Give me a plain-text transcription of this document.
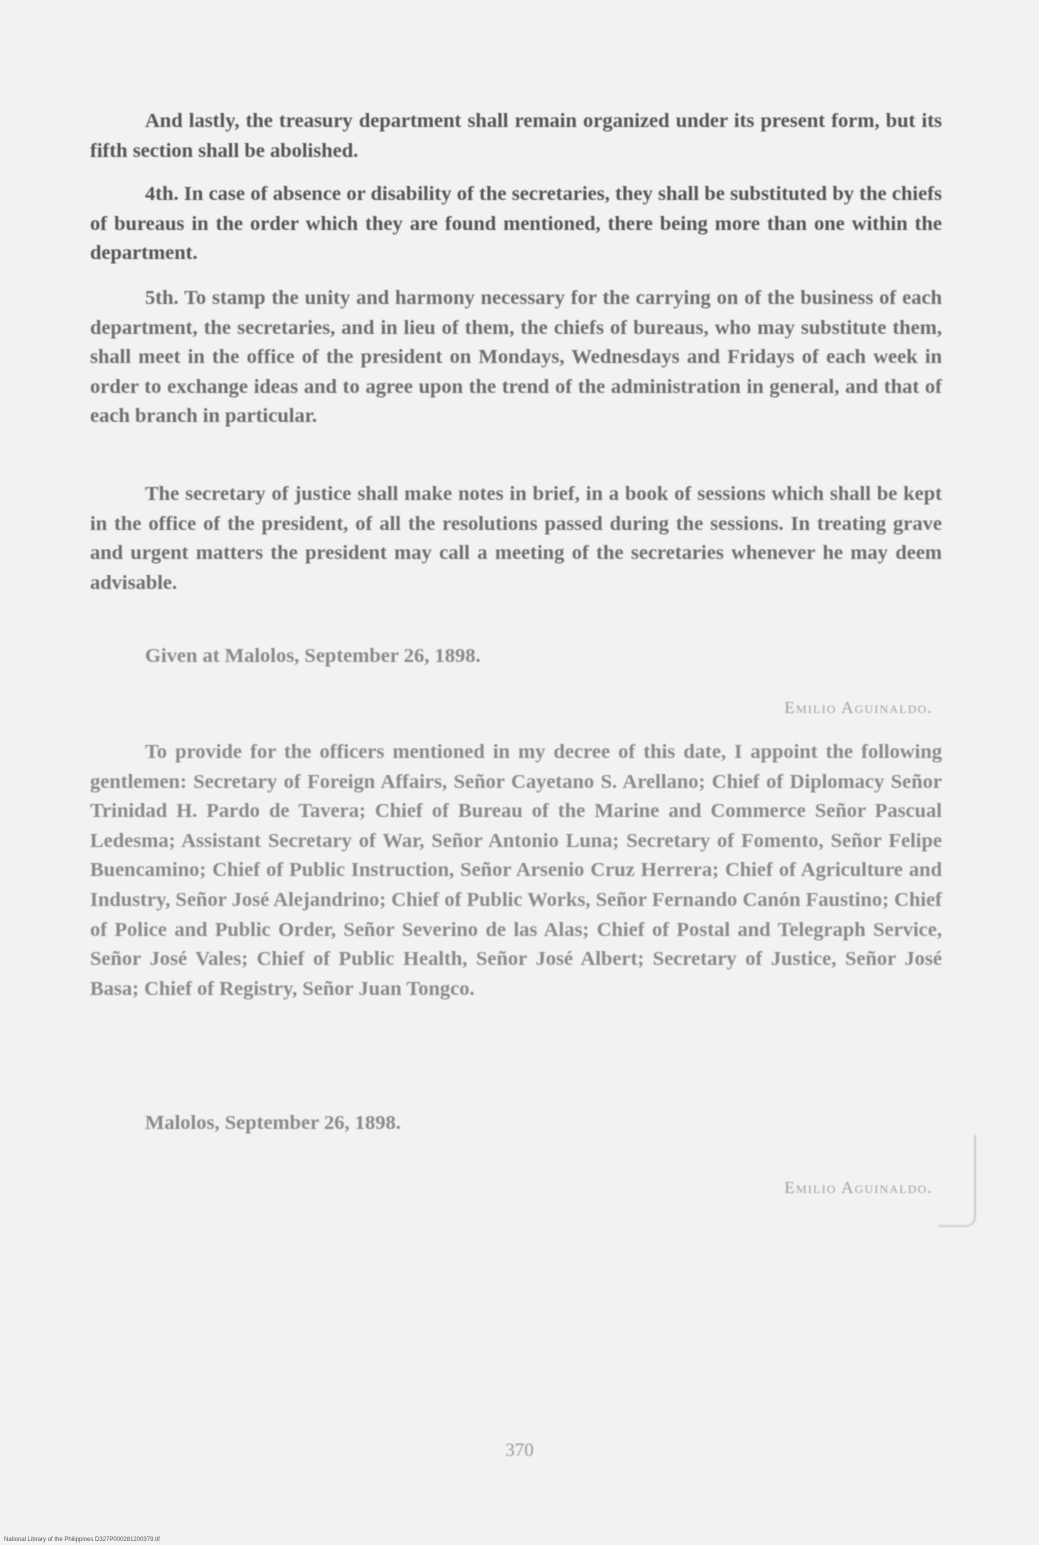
And lastly, the treasury department shall remain organized under its present form, but its fifth section shall be abolished.

4th. In case of absence or disability of the secretaries, they shall be substituted by the chiefs of bureaus in the order which they are found mentioned, there being more than one within the department.

5th. To stamp the unity and harmony necessary for the carrying on of the business of each department, the secretaries, and in lieu of them, the chiefs of bureaus, who may substitute them, shall meet in the office of the president on Mondays, Wednesdays and Fridays of each week in order to exchange ideas and to agree upon the trend of the administration in general, and that of each branch in particular.

The secretary of justice shall make notes in brief, in a book of sessions which shall be kept in the office of the president, of all the resolutions passed during the sessions. In treating grave and urgent matters the president may call a meeting of the secretaries whenever he may deem advisable.

Given at Malolos, September 26, 1898.

Emilio Aguinaldo.

To provide for the officers mentioned in my decree of this date, I appoint the following gentlemen: Secretary of Foreign Affairs, Señor Cayetano S. Arellano; Chief of Diplomacy Señor Trinidad H. Pardo de Tavera; Chief of Bureau of the Marine and Commerce Señor Pascual Ledesma; Assistant Secretary of War, Señor Antonio Luna; Secretary of Fomento, Señor Felipe Buencamino; Chief of Public Instruction, Señor Arsenio Cruz Herrera; Chief of Agriculture and Industry, Señor José Alejandrino; Chief of Public Works, Señor Fernando Canón Faustino; Chief of Police and Public Order, Señor Severino de las Alas; Chief of Postal and Telegraph Service, Señor José Vales; Chief of Public Health, Señor José Albert; Secretary of Justice, Señor José Basa; Chief of Registry, Señor Juan Tongco.

Malolos, September 26, 1898.

Emilio Aguinaldo.
370
National Library of the Philippines D327P000281200379.tif
